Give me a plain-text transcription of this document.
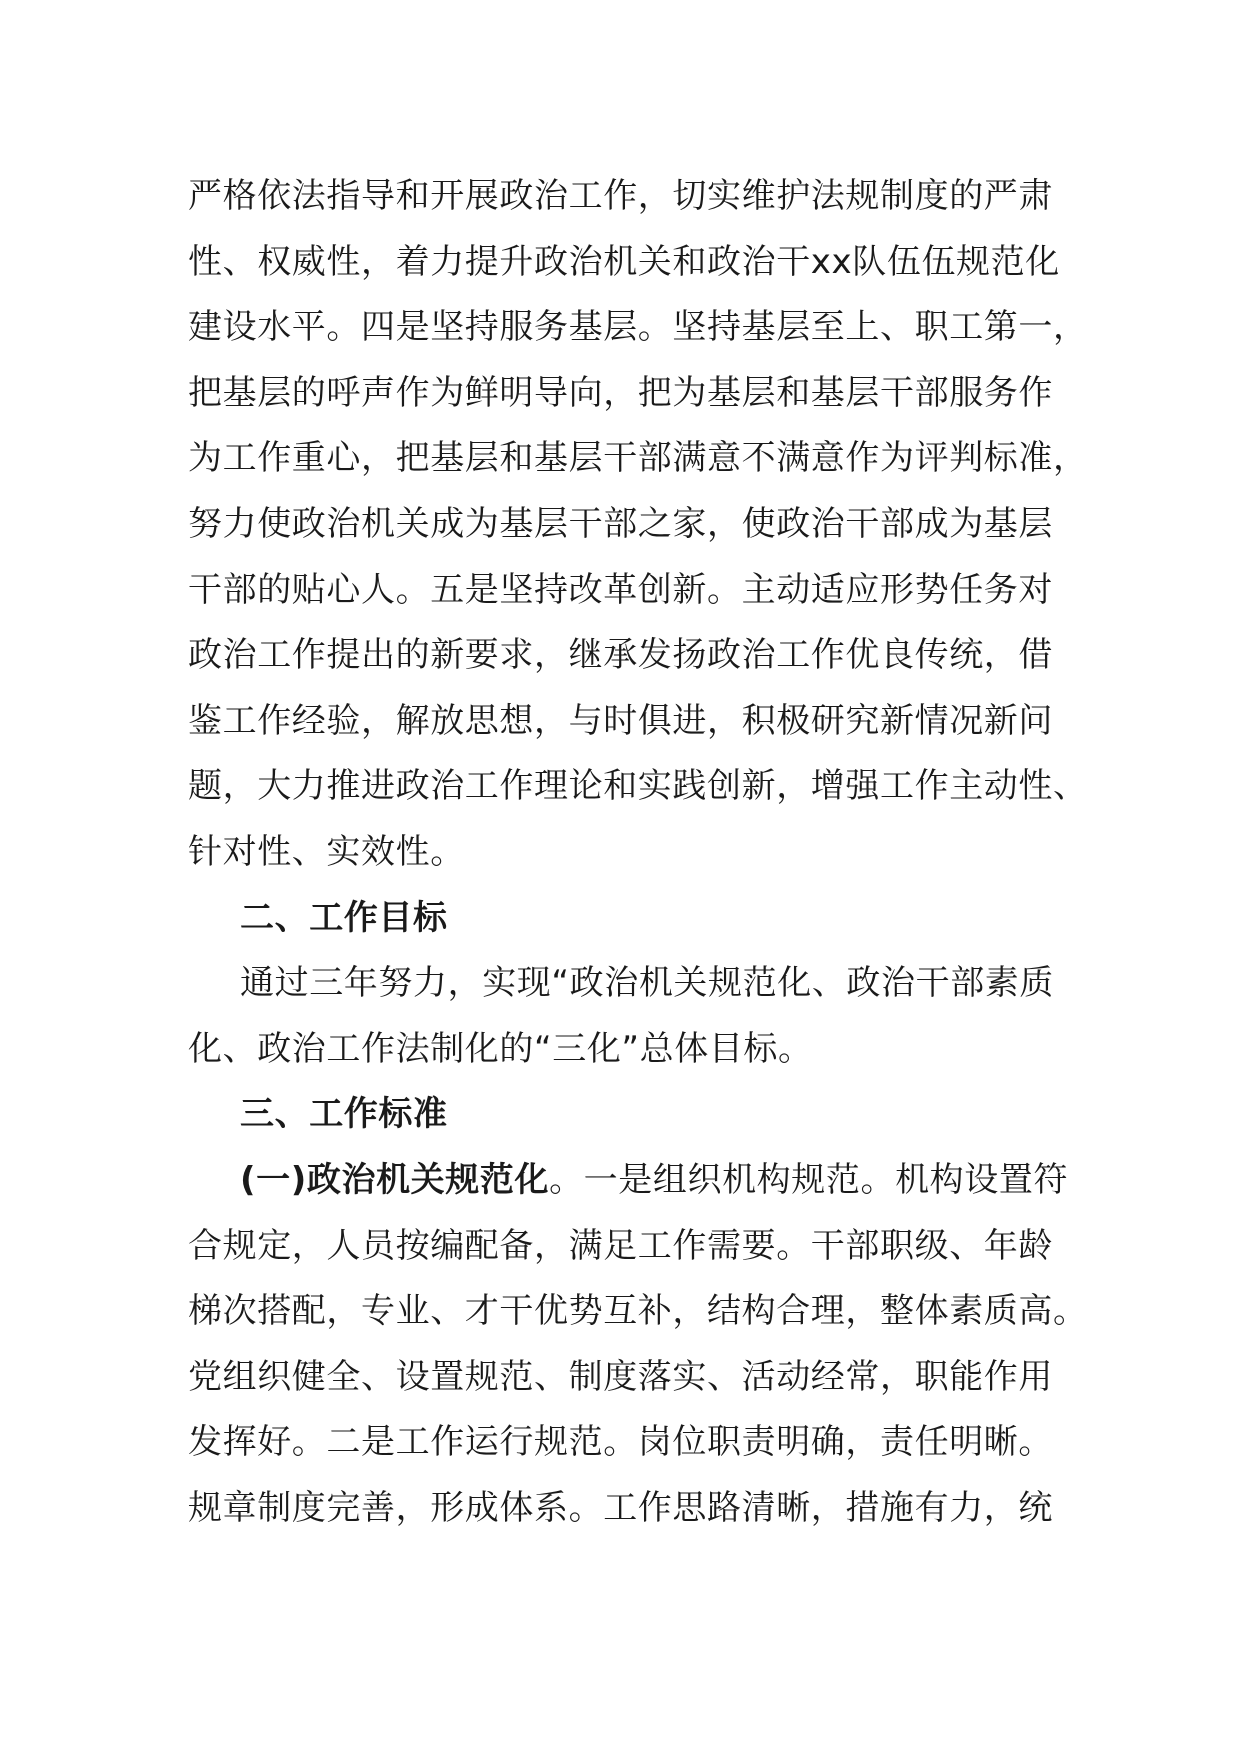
严格依法指导和开展政治工作，切实维护法规制度的严肃
性、权威性，着力提升政治机关和政治干xx队伍伍规范化
建设水平。四是坚持服务基层。坚持基层至上、职工第一，
把基层的呼声作为鲜明导向，把为基层和基层干部服务作
为工作重心，把基层和基层干部满意不满意作为评判标准，
努力使政治机关成为基层干部之家，使政治干部成为基层
干部的贴心人。五是坚持改革创新。主动适应形势任务对
政治工作提出的新要求，继承发扬政治工作优良传统，借
鉴工作经验，解放思想，与时俱进，积极研究新情况新问
题，大力推进政治工作理论和实践创新，增强工作主动性、
针对性、实效性。
二、工作目标
通过三年努力，实现“政治机关规范化、政治干部素质
化、政治工作法制化的“三化”总体目标。
三、工作标准
(一)政治机关规范化。一是组织机构规范。机构设置符
合规定，人员按编配备，满足工作需要。干部职级、年龄
梯次搭配，专业、才干优势互补，结构合理，整体素质高。
党组织健全、设置规范、制度落实、活动经常，职能作用
发挥好。二是工作运行规范。岗位职责明确，责任明晰。
规章制度完善，形成体系。工作思路清晰，措施有力，统
